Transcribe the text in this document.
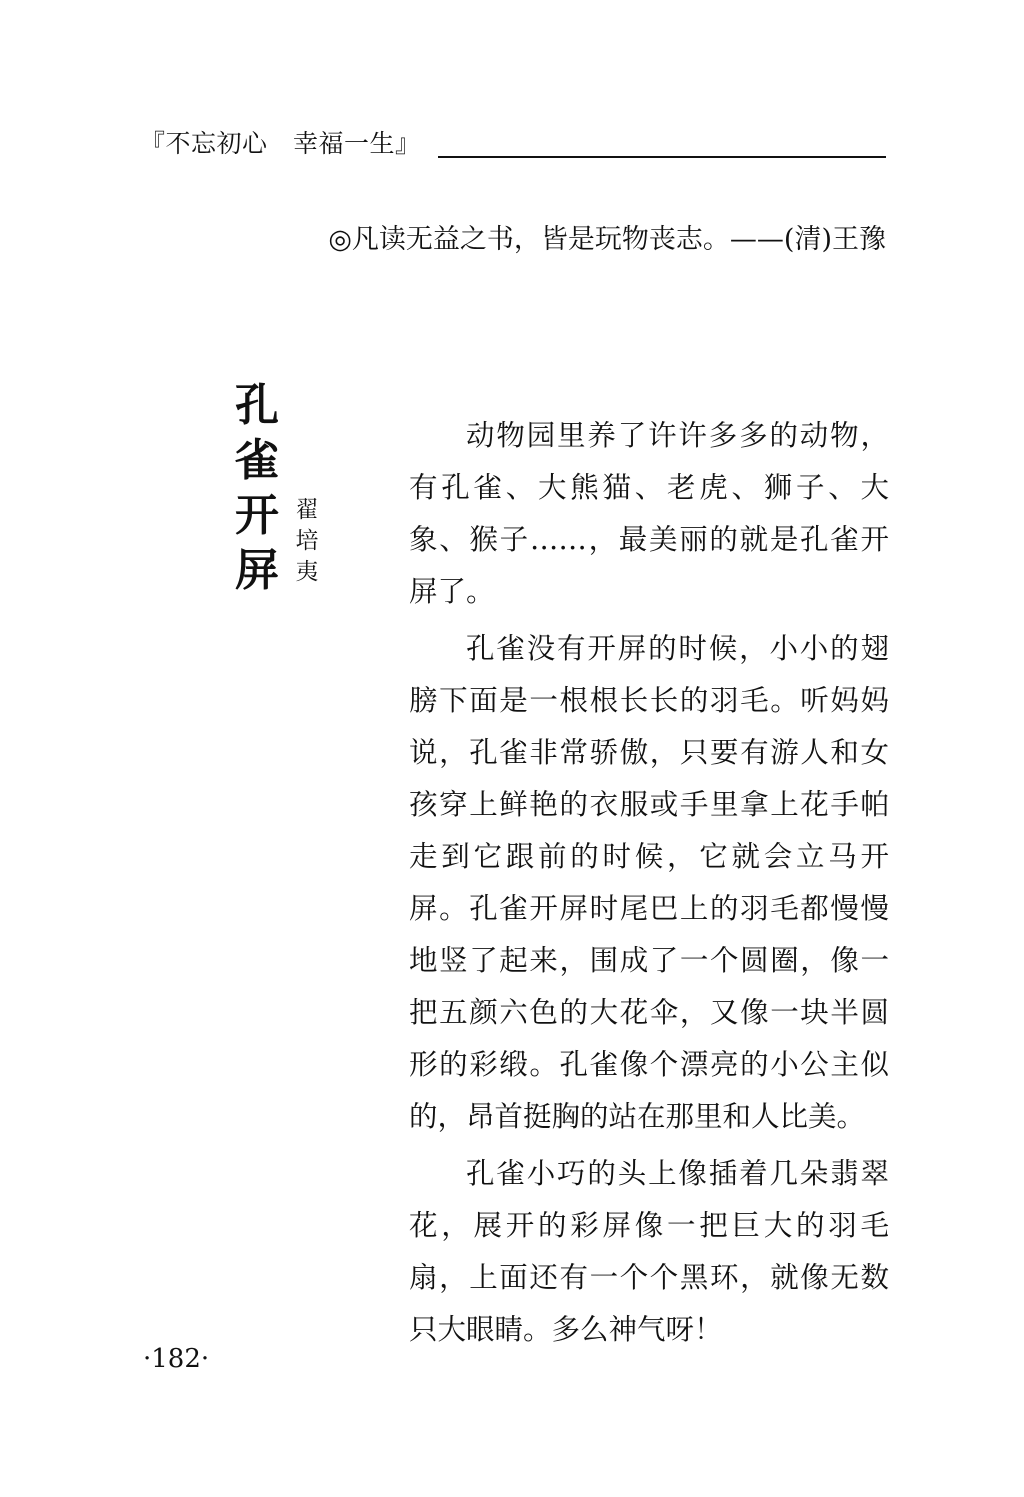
『不忘初心　幸福一生』
◎凡读无益之书，皆是玩物丧志。——(清)王豫
孔
雀
开
屏
翟
培
夷

动物园里养了许许多多的动物，有孔雀、大熊猫、老虎、狮子、大象、猴子……，最美丽的就是孔雀开屏了。

孔雀没有开屏的时候，小小的翅膀下面是一根根长长的羽毛。听妈妈说，孔雀非常骄傲，只要有游人和女孩穿上鲜艳的衣服或手里拿上花手帕走到它跟前的时候，它就会立马开屏。孔雀开屏时尾巴上的羽毛都慢慢地竖了起来，围成了一个圆圈，像一把五颜六色的大花伞，又像一块半圆形的彩缎。孔雀像个漂亮的小公主似的，昂首挺胸的站在那里和人比美。

孔雀小巧的头上像插着几朵翡翠花，展开的彩屏像一把巨大的羽毛扇，上面还有一个个黑环，就像无数只大眼睛。多么神气呀！

·182·
